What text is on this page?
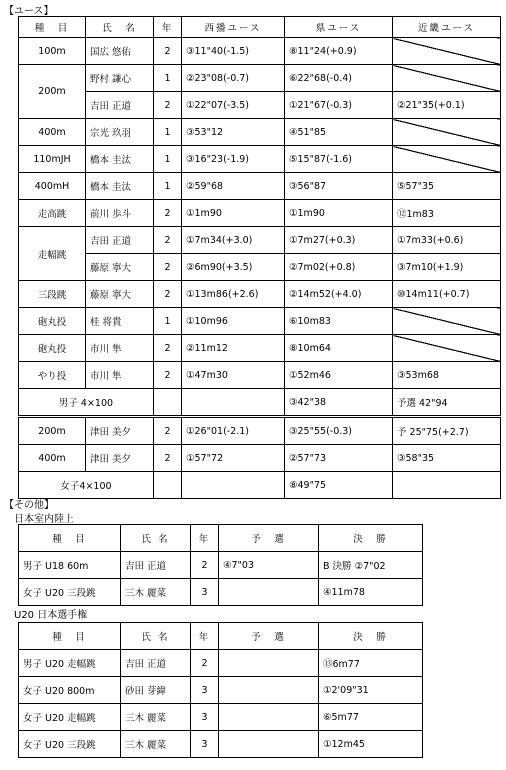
【ユース】
種　目	氏　名	年	西播ユース	県ユース	近畿ユース
100m	国広 悠佑	2	③11"40(-1.5)	⑧11"24(+0.9)	
200m	野村 謙心	1	②23"08(-0.7)	⑥22"68(-0.4)	
	吉田 正道	2	①22"07(-3.5)	①21"67(-0.3)	②21"35(+0.1)
400m	宗光 玖羽	1	③53"12	④51"85	
110mJH	橋本 圭汰	1	③16"23(-1.9)	⑤15"87(-1.6)	
400mH	橋本 圭汰	1	②59"68	③56"87	⑤57"35
走高跳	前川 歩斗	2	①1m90	①1m90	⑫1m83
走幅跳	吉田 正道	2	①7m34(+3.0)	①7m27(+0.3)	①7m33(+0.6)
	藤原 寧大	2	②6m90(+3.5)	②7m02(+0.8)	③7m10(+1.9)
三段跳	藤原 寧大	2	①13m86(+2.6)	②14m52(+4.0)	⑩14m11(+0.7)
砲丸投	桂 将貴	1	①10m96	⑥10m83	
砲丸投	市川 隼	2	②11m12	⑧10m64	
やり投	市川 隼	2	①47m30	①52m46	③53m68
男子 4×100				③42"38	予選 42"94
200m	津田 美夕	2	①26"01(-2.1)	③25"55(-0.3)	予 25"75(+2.7)
400m	津田 美夕	2	①57"72	②57"73	③58"35
女子4×100				⑧49"75	
【その他】
日本室内陸上
種　目	氏 名	年	予　選	決　勝
男子 U18 60m	吉田 正道	2	④7"03	B 決勝 ②7"02
女子 U20 三段跳	三木 麗菜	3		④11m78
U20 日本選手権
種　目	氏 名	年	予　選	決　勝
男子 U20 走幅跳	吉田 正道	2		⑬6m77
女子 U20 800m	砂田 芽緯	3		①2'09"31
女子 U20 走幅跳	三木 麗菜	3		⑥5m77
女子 U20 三段跳	三木 麗菜	3		①12m45
